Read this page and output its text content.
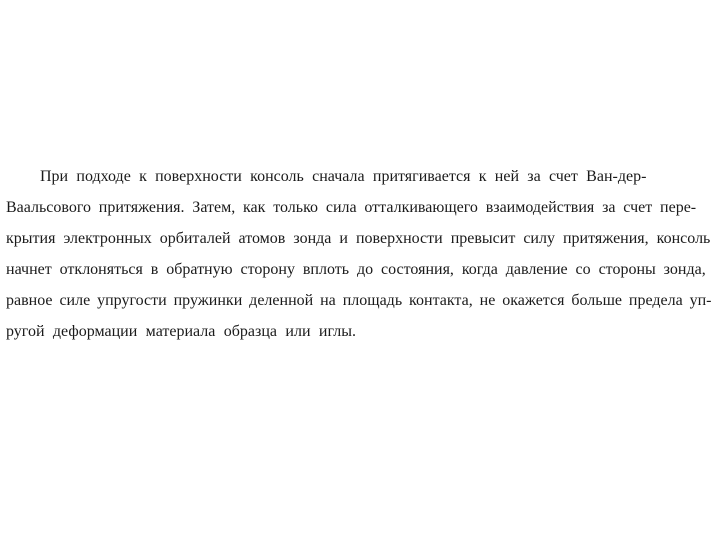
При подходе к поверхности консоль сначала притягивается к ней за счет Ван-дер-
Ваальсового притяжения. Затем, как только сила отталкивающего взаимодействия за счет пере-
крытия электронных орбиталей атомов зонда и поверхности превысит силу притяжения, консоль
начнет отклоняться в обратную сторону вплоть до состояния, когда давление со стороны зонда,
равное силе упругости пружинки деленной на площадь контакта, не окажется больше предела уп-
ругой деформации материала образца или иглы.
